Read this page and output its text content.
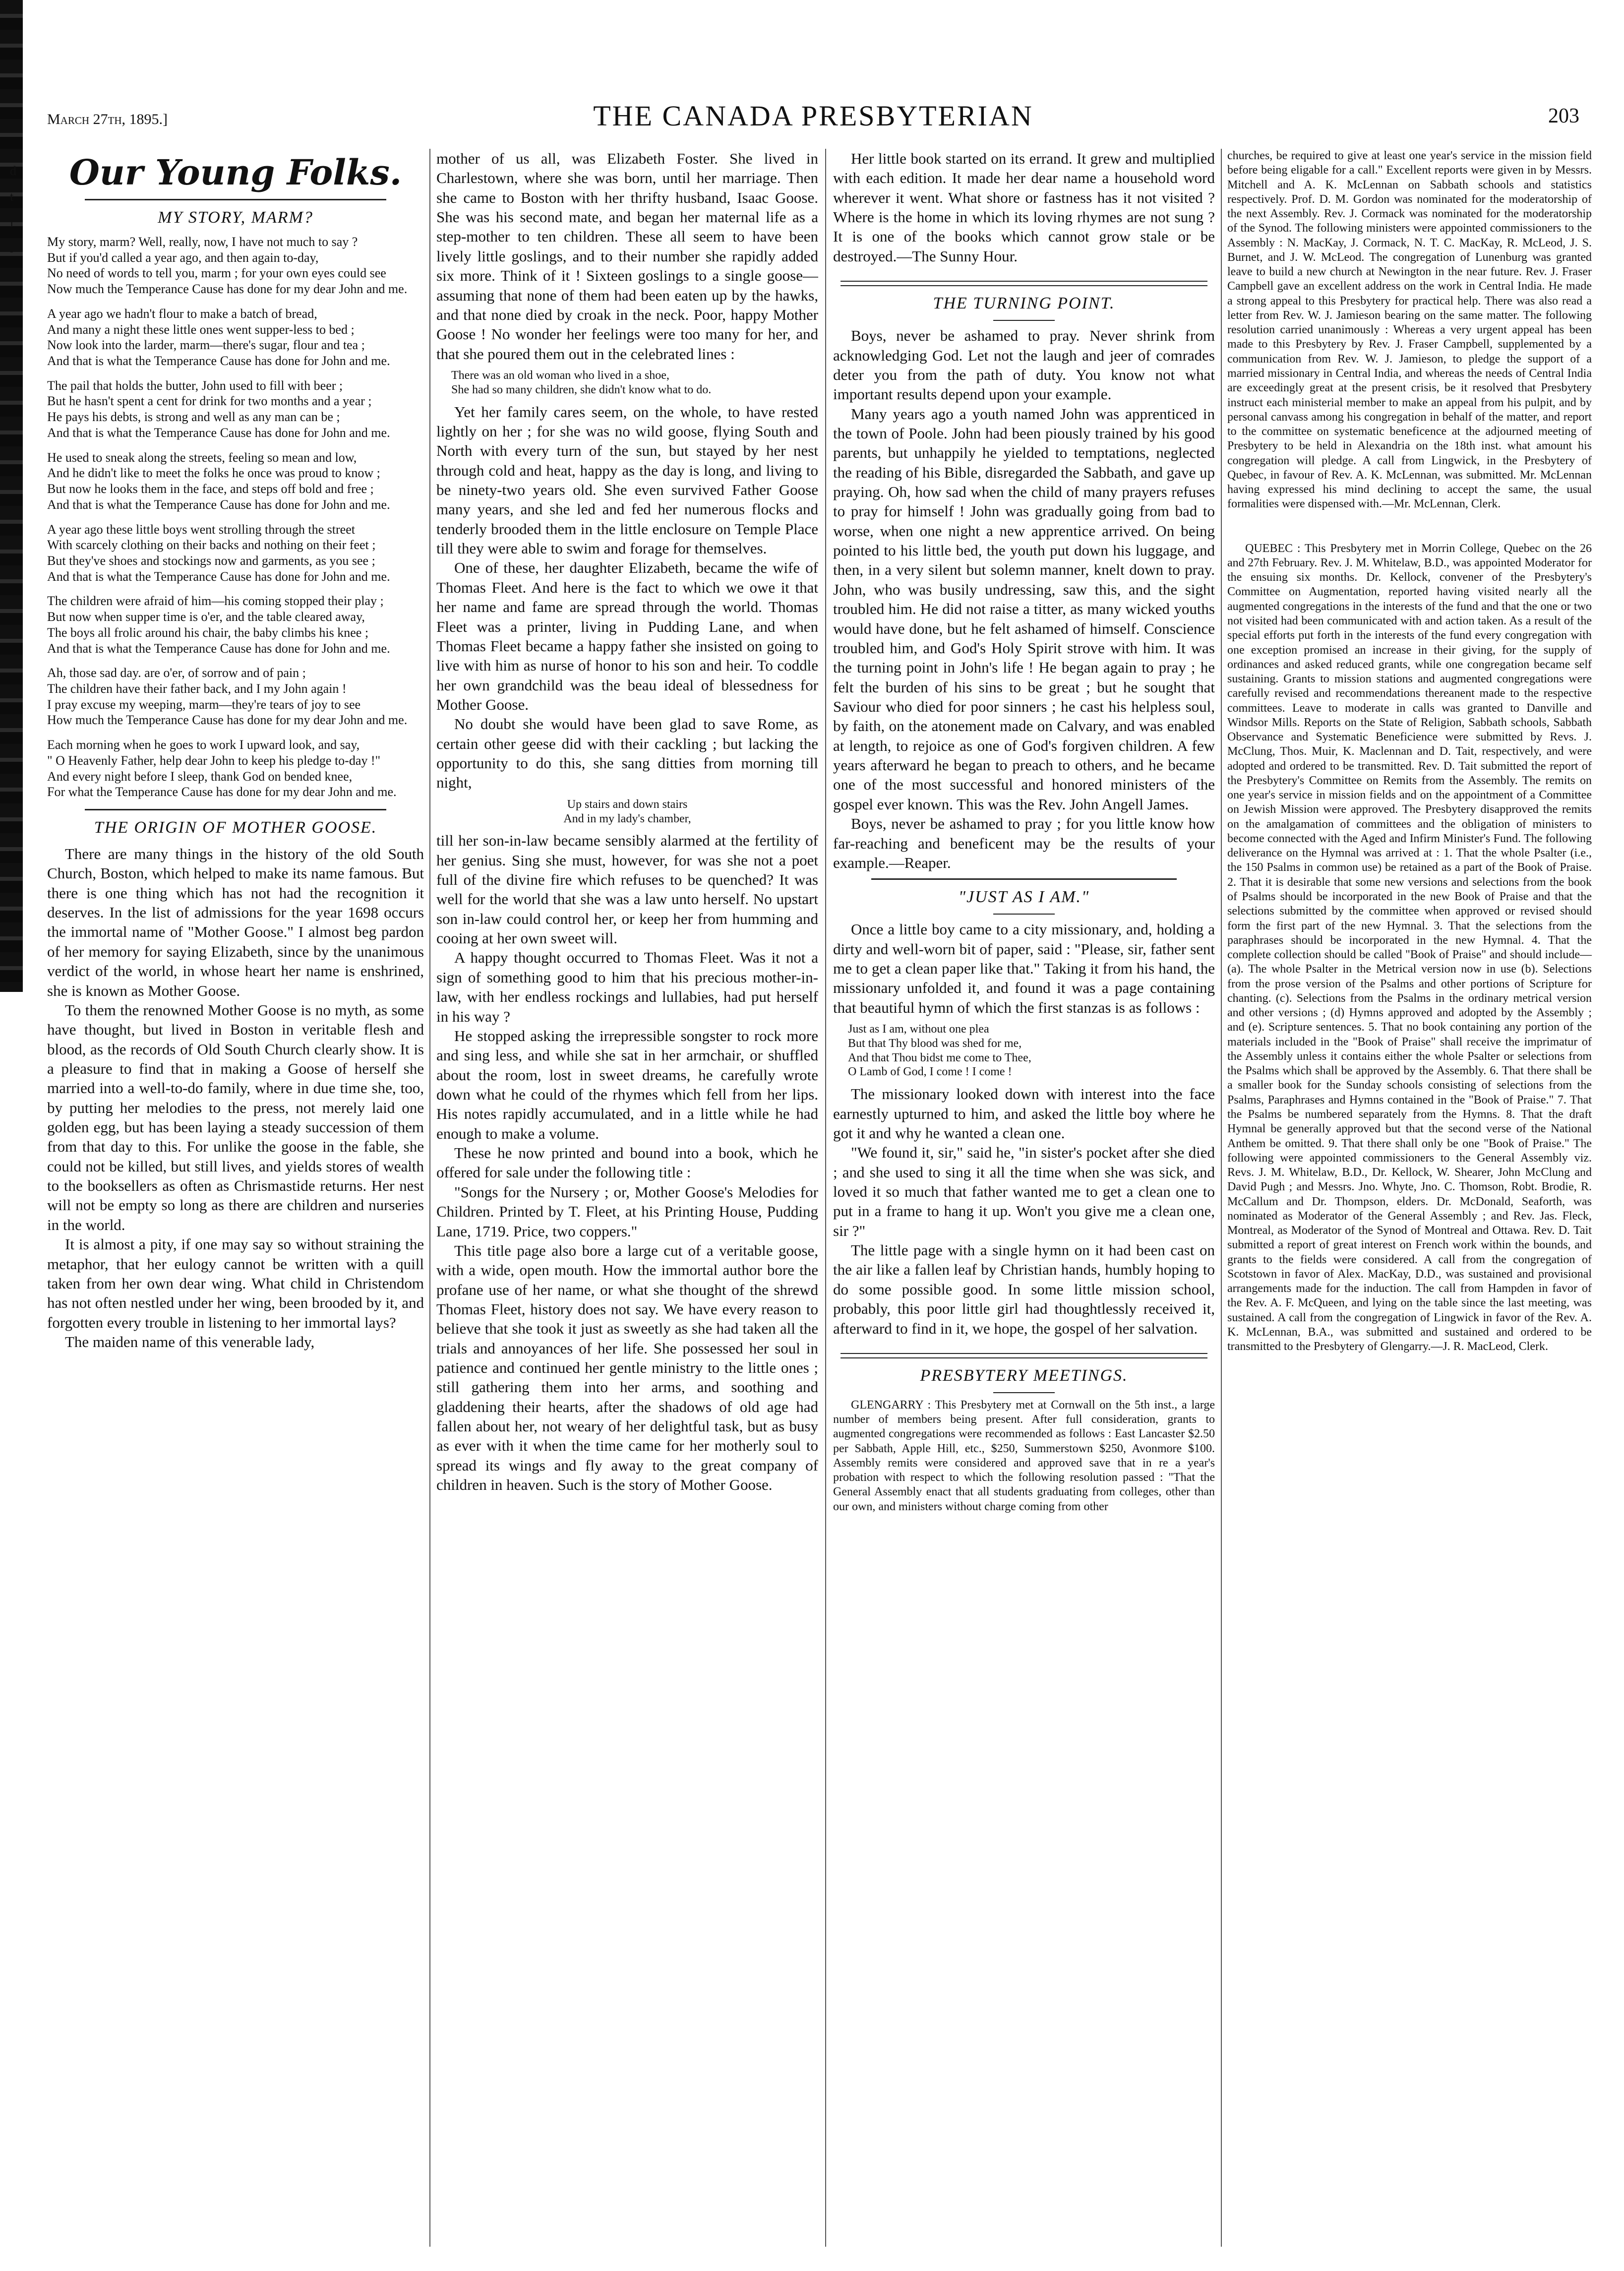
d
t
l
r
:
March 27th, 1895.]	THE CANADA PRESBYTERIAN	203
Our Young Folks.
MY STORY, MARM?

My story, marm? Well, really, now, I have not much to say ?

But if you'd called a year ago, and then again to-day,

No need of words to tell you, marm ; for your own eyes could see

Now much the Temperance Cause has done for my dear John and me.

A year ago we hadn't flour to make a batch of bread,

And many a night these little ones went supper-less to bed ;

Now look into the larder, marm—there's sugar, flour and tea ;

And that is what the Temperance Cause has done for John and me.

The pail that holds the butter, John used to fill with beer ;

But he hasn't spent a cent for drink for two months and a year ;

He pays his debts, is strong and well as any man can be ;

And that is what the Temperance Cause has done for John and me.

He used to sneak along the streets, feeling so mean and low,

And he didn't like to meet the folks he once was proud to know ;

But now he looks them in the face, and steps off bold and free ;

And that is what the Temperance Cause has done for John and me.

A year ago these little boys went strolling through the street

With scarcely clothing on their backs and nothing on their feet ;

But they've shoes and stockings now and garments, as you see ;

And that is what the Temperance Cause has done for John and me.

The children were afraid of him—his coming stopped their play ;

But now when supper time is o'er, and the table cleared away,

The boys all frolic around his chair, the baby climbs his knee ;

And that is what the Temperance Cause has done for John and me.

Ah, those sad day. are o'er, of sorrow and of pain ;

The children have their father back, and I my John again !

I pray excuse my weeping, marm—they're tears of joy to see

How much the Temperance Cause has done for my dear John and me.

Each morning when he goes to work I upward look, and say,

" O Heavenly Father, help dear John to keep his pledge to-day !"

And every night before I sleep, thank God on bended knee,

For what the Temperance Cause has done for my dear John and me.

THE ORIGIN OF MOTHER GOOSE.

There are many things in the history of the old South Church, Boston, which helped to make its name famous. But there is one thing which has not had the recognition it deserves. In the list of admissions for the year 1698 occurs the immortal name of "Mother Goose." I almost beg pardon of her memory for saying Elizabeth, since by the unanimous verdict of the world, in whose heart her name is enshrined, she is known as Mother Goose.

To them the renowned Mother Goose is no myth, as some have thought, but lived in Boston in veritable flesh and blood, as the records of Old South Church clearly show. It is a pleasure to find that in making a Goose of herself she married into a well-to-do family, where in due time she, too, by putting her melodies to the press, not merely laid one golden egg, but has been laying a steady succession of them from that day to this. For unlike the goose in the fable, she could not be killed, but still lives, and yields stores of wealth to the booksellers as often as Chrismastide returns. Her nest will not be empty so long as there are children and nurseries in the world.

It is almost a pity, if one may say so without straining the metaphor, that her eulogy cannot be written with a quill taken from her own dear wing. What child in Christendom has not often nestled under her wing, been brooded by it, and forgotten every trouble in listening to her immortal lays?

The maiden name of this venerable lady,

mother of us all, was Elizabeth Foster. She lived in Charlestown, where she was born, until her marriage. Then she came to Boston with her thrifty husband, Isaac Goose. She was his second mate, and began her maternal life as a step-mother to ten children. These all seem to have been lively little goslings, and to their number she rapidly added six more. Think of it ! Sixteen goslings to a single goose—assuming that none of them had been eaten up by the hawks, and that none died by croak in the neck. Poor, happy Mother Goose ! No wonder her feelings were too many for her, and that she poured them out in the celebrated lines :

There was an old woman who lived in a shoe,
She had so many children, she didn't know what to do.

Yet her family cares seem, on the whole, to have rested lightly on her ; for she was no wild goose, flying South and North with every turn of the sun, but stayed by her nest through cold and heat, happy as the day is long, and living to be ninety-two years old. She even survived Father Goose many years, and she led and fed her numerous flocks and tenderly brooded them in the little enclosure on Temple Place till they were able to swim and forage for themselves.

One of these, her daughter Elizabeth, became the wife of Thomas Fleet. And here is the fact to which we owe it that her name and fame are spread through the world. Thomas Fleet was a printer, living in Pudding Lane, and when Thomas Fleet became a happy father she insisted on going to live with him as nurse of honor to his son and heir. To coddle her own grandchild was the beau ideal of blessedness for Mother Goose.

No doubt she would have been glad to save Rome, as certain other geese did with their cackling ; but lacking the opportunity to do this, she sang ditties from morning till night,

Up stairs and down stairs
And in my lady's chamber,

till her son-in-law became sensibly alarmed at the fertility of her genius. Sing she must, however, for was she not a poet full of the divine fire which refuses to be quenched? It was well for the world that she was a law unto herself. No upstart son in-law could control her, or keep her from humming and cooing at her own sweet will.

A happy thought occurred to Thomas Fleet. Was it not a sign of something good to him that his precious mother-in-law, with her endless rockings and lullabies, had put herself in his way ?

He stopped asking the irrepressible songster to rock more and sing less, and while she sat in her armchair, or shuffled about the room, lost in sweet dreams, he carefully wrote down what he could of the rhymes which fell from her lips. His notes rapidly accumulated, and in a little while he had enough to make a volume.

These he now printed and bound into a book, which he offered for sale under the following title :

"Songs for the Nursery ; or, Mother Goose's Melodies for Children. Printed by T. Fleet, at his Printing House, Pudding Lane, 1719. Price, two coppers."

This title page also bore a large cut of a veritable goose, with a wide, open mouth. How the immortal author bore the profane use of her name, or what she thought of the shrewd Thomas Fleet, history does not say. We have every reason to believe that she took it just as sweetly as she had taken all the trials and annoyances of her life. She possessed her soul in patience and continued her gentle ministry to the little ones ; still gathering them into her arms, and soothing and gladdening their hearts, after the shadows of old age had fallen about her, not weary of her delightful task, but as busy as ever with it when the time came for her motherly soul to spread its wings and fly away to the great company of children in heaven. Such is the story of Mother Goose.

Her little book started on its errand. It grew and multiplied with each edition. It made her dear name a household word wherever it went. What shore or fastness has it not visited ? Where is the home in which its loving rhymes are not sung ? It is one of the books which cannot grow stale or be destroyed.—The Sunny Hour.

THE TURNING POINT.

Boys, never be ashamed to pray. Never shrink from acknowledging God. Let not the laugh and jeer of comrades deter you from the path of duty. You know not what important results depend upon your example.

Many years ago a youth named John was apprenticed in the town of Poole. John had been piously trained by his good parents, but unhappily he yielded to temptations, neglected the reading of his Bible, disregarded the Sabbath, and gave up praying. Oh, how sad when the child of many prayers refuses to pray for himself ! John was gradually going from bad to worse, when one night a new apprentice arrived. On being pointed to his little bed, the youth put down his luggage, and then, in a very silent but solemn manner, knelt down to pray. John, who was busily undressing, saw this, and the sight troubled him. He did not raise a titter, as many wicked youths would have done, but he felt ashamed of himself. Conscience troubled him, and God's Holy Spirit strove with him. It was the turning point in John's life ! He began again to pray ; he felt the burden of his sins to be great ; but he sought that Saviour who died for poor sinners ; he cast his helpless soul, by faith, on the atonement made on Calvary, and was enabled at length, to rejoice as one of God's forgiven children. A few years afterward he began to preach to others, and he became one of the most successful and honored ministers of the gospel ever known. This was the Rev. John Angell James.

Boys, never be ashamed to pray ; for you little know how far-reaching and beneficent may be the results of your example.—Reaper.

"JUST AS I AM."

Once a little boy came to a city missionary, and, holding a dirty and well-worn bit of paper, said : "Please, sir, father sent me to get a clean paper like that." Taking it from his hand, the missionary unfolded it, and found it was a page containing that beautiful hymn of which the first stanzas is as follows :

Just as I am, without one plea
But that Thy blood was shed for me,
And that Thou bidst me come to Thee,
O Lamb of God, I come ! I come !

The missionary looked down with interest into the face earnestly upturned to him, and asked the little boy where he got it and why he wanted a clean one.

"We found it, sir," said he, "in sister's pocket after she died ; and she used to sing it all the time when she was sick, and loved it so much that father wanted me to get a clean one to put in a frame to hang it up. Won't you give me a clean one, sir ?"

The little page with a single hymn on it had been cast on the air like a fallen leaf by Christian hands, humbly hoping to do some possible good. In some little mission school, probably, this poor little girl had thoughtlessly received it, afterward to find in it, we hope, the gospel of her salvation.

PRESBYTERY MEETINGS.

GLENGARRY : This Presbytery met at Cornwall on the 5th inst., a large number of members being present. After full consideration, grants to augmented congregations were recommended as follows : East Lancaster $2.50 per Sabbath, Apple Hill, etc., $250, Summerstown $250, Avonmore $100. Assembly remits were considered and approved save that in re a year's probation with respect to which the following resolution passed : "That the General Assembly enact that all students graduating from colleges, other than our own, and ministers without charge coming from other

churches, be required to give at least one year's service in the mission field before being eligable for a call." Excellent reports were given in by Messrs. Mitchell and A. K. McLennan on Sabbath schools and statistics respectively. Prof. D. M. Gordon was nominated for the moderatorship of the next Assembly. Rev. J. Cormack was nominated for the moderatorship of the Synod. The following ministers were appointed commissioners to the Assembly : N. MacKay, J. Cormack, N. T. C. MacKay, R. McLeod, J. S. Burnet, and J. W. McLeod. The congregation of Lunenburg was granted leave to build a new church at Newington in the near future. Rev. J. Fraser Campbell gave an excellent address on the work in Central India. He made a strong appeal to this Presbytery for practical help. There was also read a letter from Rev. W. J. Jamieson bearing on the same matter. The following resolution carried unanimously : Whereas a very urgent appeal has been made to this Presbytery by Rev. J. Fraser Campbell, supplemented by a communication from Rev. W. J. Jamieson, to pledge the support of a married missionary in Central India, and whereas the needs of Central India are exceedingly great at the present crisis, be it resolved that Presbytery instruct each ministerial member to make an appeal from his pulpit, and by personal canvass among his congregation in behalf of the matter, and report to the committee on systematic beneficence at the adjourned meeting of Presbytery to be held in Alexandria on the 18th inst. what amount his congregation will pledge. A call from Lingwick, in the Presbytery of Quebec, in favour of Rev. A. K. McLennan, was submitted. Mr. McLennan having expressed his mind declining to accept the same, the usual formalities were dispensed with.—Mr. McLennan, Clerk.

QUEBEC : This Presbytery met in Morrin College, Quebec on the 26 and 27th February. Rev. J. M. Whitelaw, B.D., was appointed Moderator for the ensuing six months. Dr. Kellock, convener of the Presbytery's Committee on Augmentation, reported having visited nearly all the augmented congregations in the interests of the fund and that the one or two not visited had been communicated with and action taken. As a result of the special efforts put forth in the interests of the fund every congregation with one exception promised an increase in their giving, for the supply of ordinances and asked reduced grants, while one congregation became self sustaining. Grants to mission stations and augmented congregations were carefully revised and recommendations thereanent made to the respective committees. Leave to moderate in calls was granted to Danville and Windsor Mills. Reports on the State of Religion, Sabbath schools, Sabbath Observance and Systematic Beneficience were submitted by Revs. J. McClung, Thos. Muir, K. Maclennan and D. Tait, respectively, and were adopted and ordered to be transmitted. Rev. D. Tait submitted the report of the Presbytery's Committee on Remits from the Assembly. The remits on one year's service in mission fields and on the appointment of a Committee on Jewish Mission were approved. The Presbytery disapproved the remits on the amalgamation of committees and the obligation of ministers to become connected with the Aged and Infirm Minister's Fund. The following deliverance on the Hymnal was arrived at : 1. That the whole Psalter (i.e., the 150 Psalms in common use) be retained as a part of the Book of Praise. 2. That it is desirable that some new versions and selections from the book of Psalms should be incorporated in the new Book of Praise and that the selections submitted by the committee when approved or revised should form the first part of the new Hymnal. 3. That the selections from the paraphrases should be incorporated in the new Hymnal. 4. That the complete collection should be called "Book of Praise" and should include—(a). The whole Psalter in the Metrical version now in use (b). Selections from the prose version of the Psalms and other portions of Scripture for chanting. (c). Selections from the Psalms in the ordinary metrical version and other versions ; (d) Hymns approved and adopted by the Assembly ; and (e). Scripture sentences. 5. That no book containing any portion of the materials included in the "Book of Praise" shall receive the imprimatur of the Assembly unless it contains either the whole Psalter or selections from the Psalms which shall be approved by the Assembly. 6. That there shall be a smaller book for the Sunday schools consisting of selections from the Psalms, Paraphrases and Hymns contained in the "Book of Praise." 7. That the Psalms be numbered separately from the Hymns. 8. That the draft Hymnal be generally approved but that the second verse of the National Anthem be omitted. 9. That there shall only be one "Book of Praise." The following were appointed commissioners to the General Assembly viz. Revs. J. M. Whitelaw, B.D., Dr. Kellock, W. Shearer, John McClung and David Pugh ; and Messrs. Jno. Whyte, Jno. C. Thomson, Robt. Brodie, R. McCallum and Dr. Thompson, elders. Dr. McDonald, Seaforth, was nominated as Moderator of the General Assembly ; and Rev. Jas. Fleck, Montreal, as Moderator of the Synod of Montreal and Ottawa. Rev. D. Tait submitted a report of great interest on French work within the bounds, and grants to the fields were considered. A call from the congregation of Scotstown in favor of Alex. MacKay, D.D., was sustained and provisional arrangements made for the induction. The call from Hampden in favor of the Rev. A. F. McQueen, and lying on the table since the last meeting, was sustained. A call from the congregation of Lingwick in favor of the Rev. A. K. McLennan, B.A., was submitted and sustained and ordered to be transmitted to the Presbytery of Glengarry.—J. R. MacLeod, Clerk.
